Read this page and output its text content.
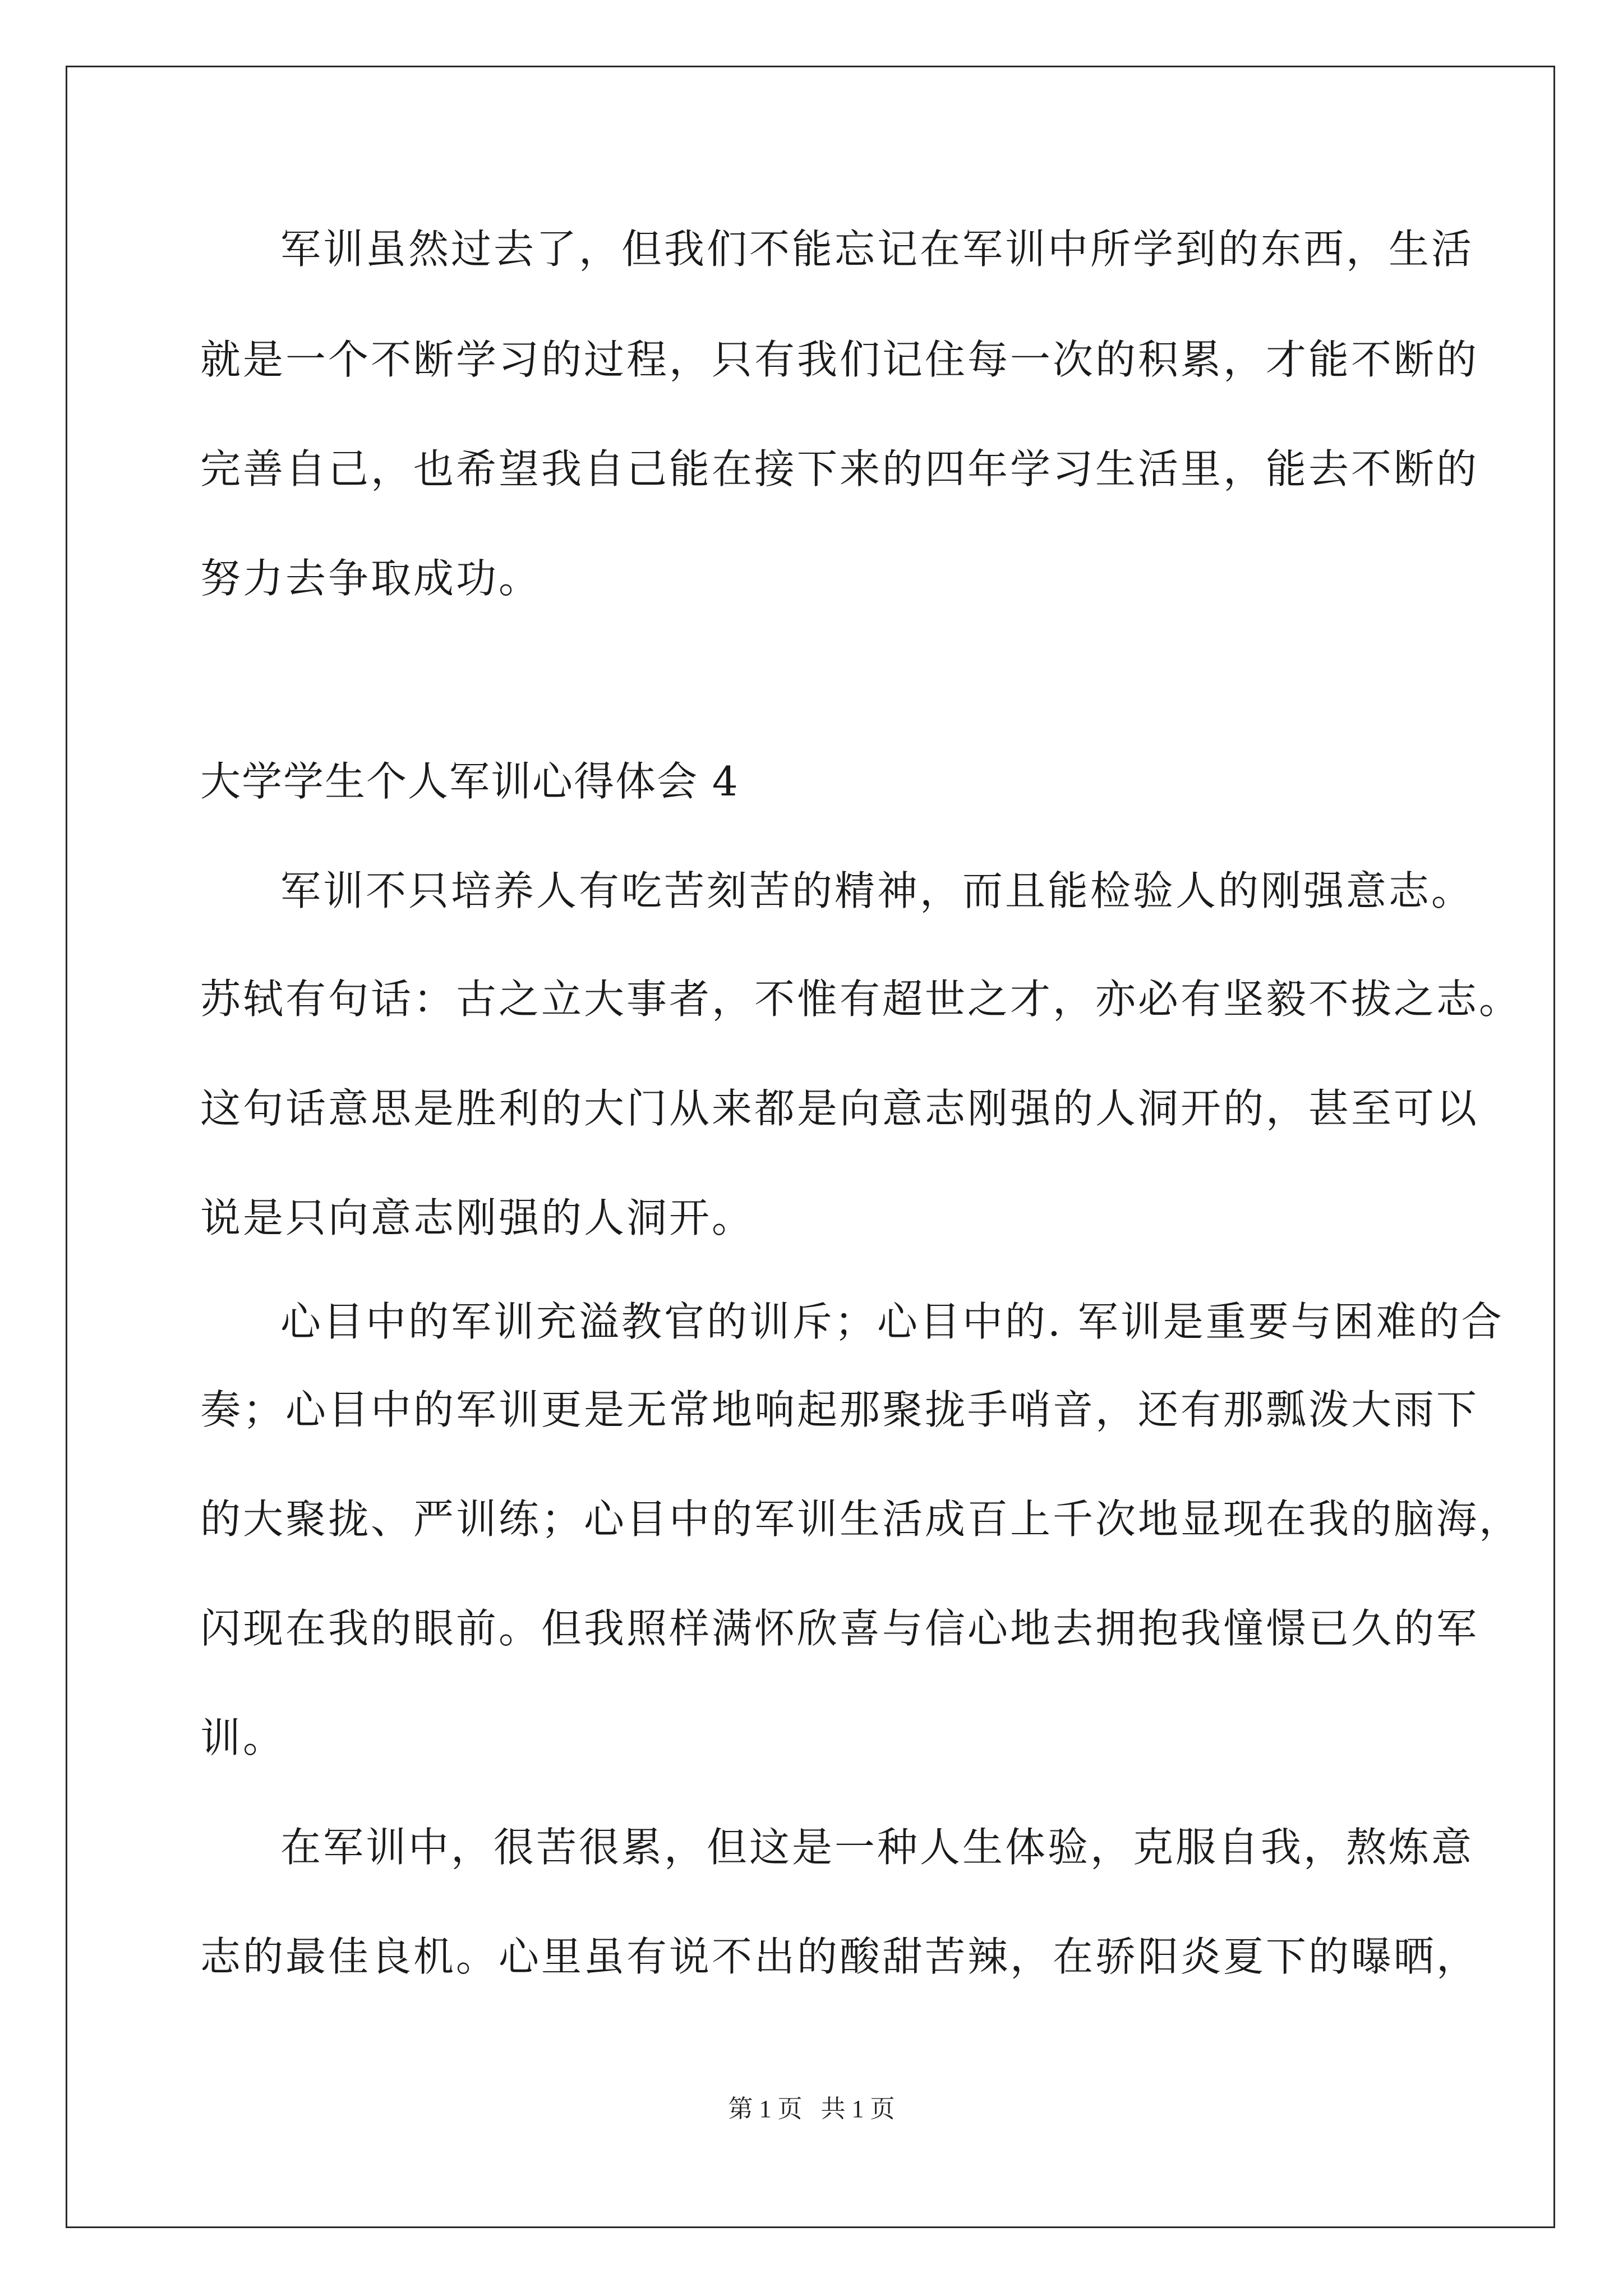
军训虽然过去了，但我们不能忘记在军训中所学到的东西，生活
就是一个不断学习的过程，只有我们记住每一次的积累，才能不断的
完善自己，也希望我自己能在接下来的四年学习生活里，能去不断的
努力去争取成功。
大学学生个人军训心得体会 4
军训不只培养人有吃苦刻苦的精神，而且能检验人的刚强意志。
苏轼有句话：古之立大事者，不惟有超世之才，亦必有坚毅不拔之志。
这句话意思是胜利的大门从来都是向意志刚强的人洞开的，甚至可以
说是只向意志刚强的人洞开。
心目中的军训充溢教官的训斥；心目中的. 军训是重要与困难的合
奏；心目中的军训更是无常地响起那聚拢手哨音，还有那瓢泼大雨下
的大聚拢、严训练；心目中的军训生活成百上千次地显现在我的脑海，
闪现在我的眼前。但我照样满怀欣喜与信心地去拥抱我憧憬已久的军
训。
在军训中，很苦很累，但这是一种人生体验，克服自我，熬炼意
志的最佳良机。心里虽有说不出的酸甜苦辣，在骄阳炎夏下的曝晒，
第 1 页   共 1 页
